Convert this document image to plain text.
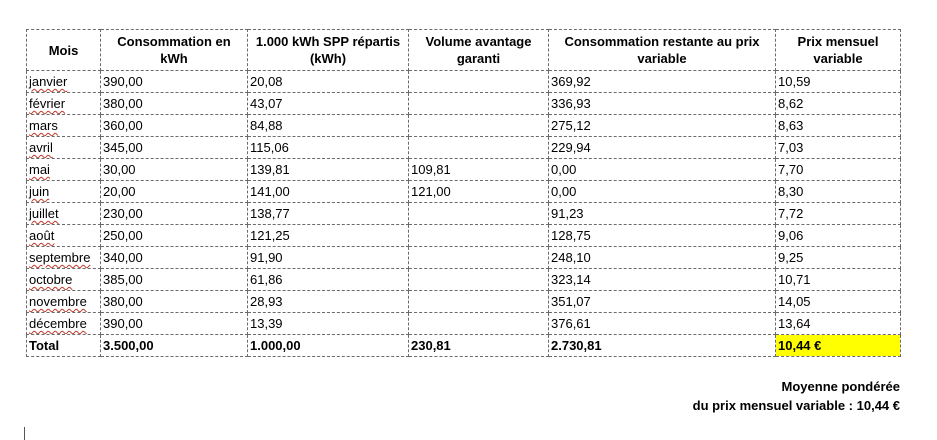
Mois	Consommation en kWh	1.000 kWh SPP répartis (kWh)	Volume avantage garanti	Consommation restante au prix variable	Prix mensuel variable
janvier	390,00	20,08		369,92	10,59
février	380,00	43,07		336,93	8,62
mars	360,00	84,88		275,12	8,63
avril	345,00	115,06		229,94	7,03
mai	30,00	139,81	109,81	0,00	7,70
juin	20,00	141,00	121,00	0,00	8,30
juillet	230,00	138,77		91,23	7,72
août	250,00	121,25		128,75	9,06
septembre	340,00	91,90		248,10	9,25
octobre	385,00	61,86		323,14	10,71
novembre	380,00	28,93		351,07	14,05
décembre	390,00	13,39		376,61	13,64
Total	3.500,00	1.000,00	230,81	2.730,81	10,44 €
Moyenne pondérée
du prix mensuel variable : 10,44 €
